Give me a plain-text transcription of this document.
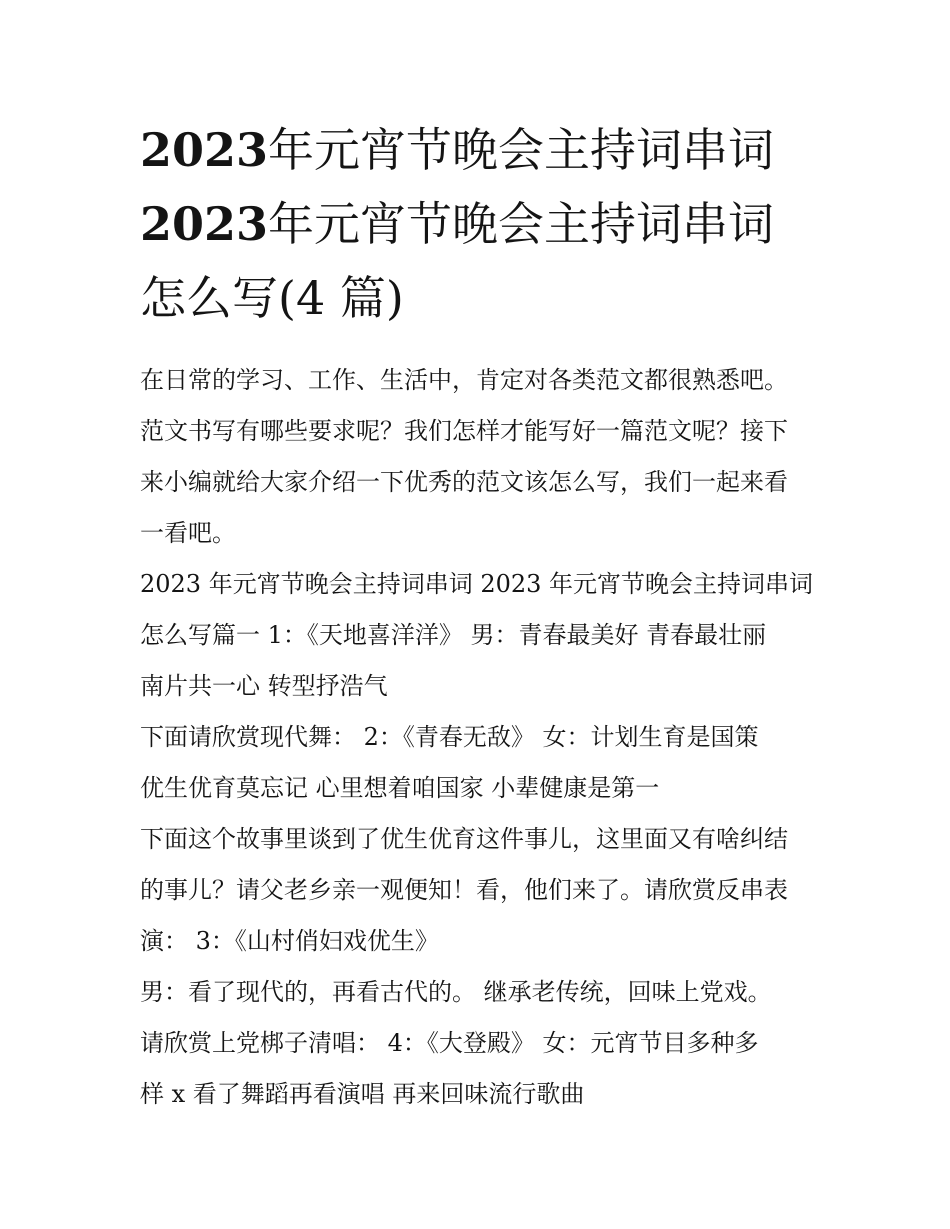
2023年元宵节晚会主持词串词
2023年元宵节晚会主持词串词
怎么写(4 篇)
在日常的学习、工作、生活中，肯定对各类范文都很熟悉吧。
范文书写有哪些要求呢？我们怎样才能写好一篇范文呢？接下
来小编就给大家介绍一下优秀的范文该怎么写，我们一起来看
一看吧。
2023 年元宵节晚会主持词串词 2023 年元宵节晚会主持词串词
怎么写篇一 1：《天地喜洋洋》 男：青春最美好 青春最壮丽
南片共一心 转型抒浩气
下面请欣赏现代舞： 2：《青春无敌》 女：计划生育是国策
优生优育莫忘记 心里想着咱国家 小辈健康是第一
下面这个故事里谈到了优生优育这件事儿，这里面又有啥纠结
的事儿？请父老乡亲一观便知！看，他们来了。请欣赏反串表
演： 3：《山村俏妇戏优生》
男：看了现代的，再看古代的。 继承老传统，回味上党戏。
请欣赏上党梆子清唱： 4：《大登殿》 女：元宵节目多种多
样 x 看了舞蹈再看演唱 再来回味流行歌曲
